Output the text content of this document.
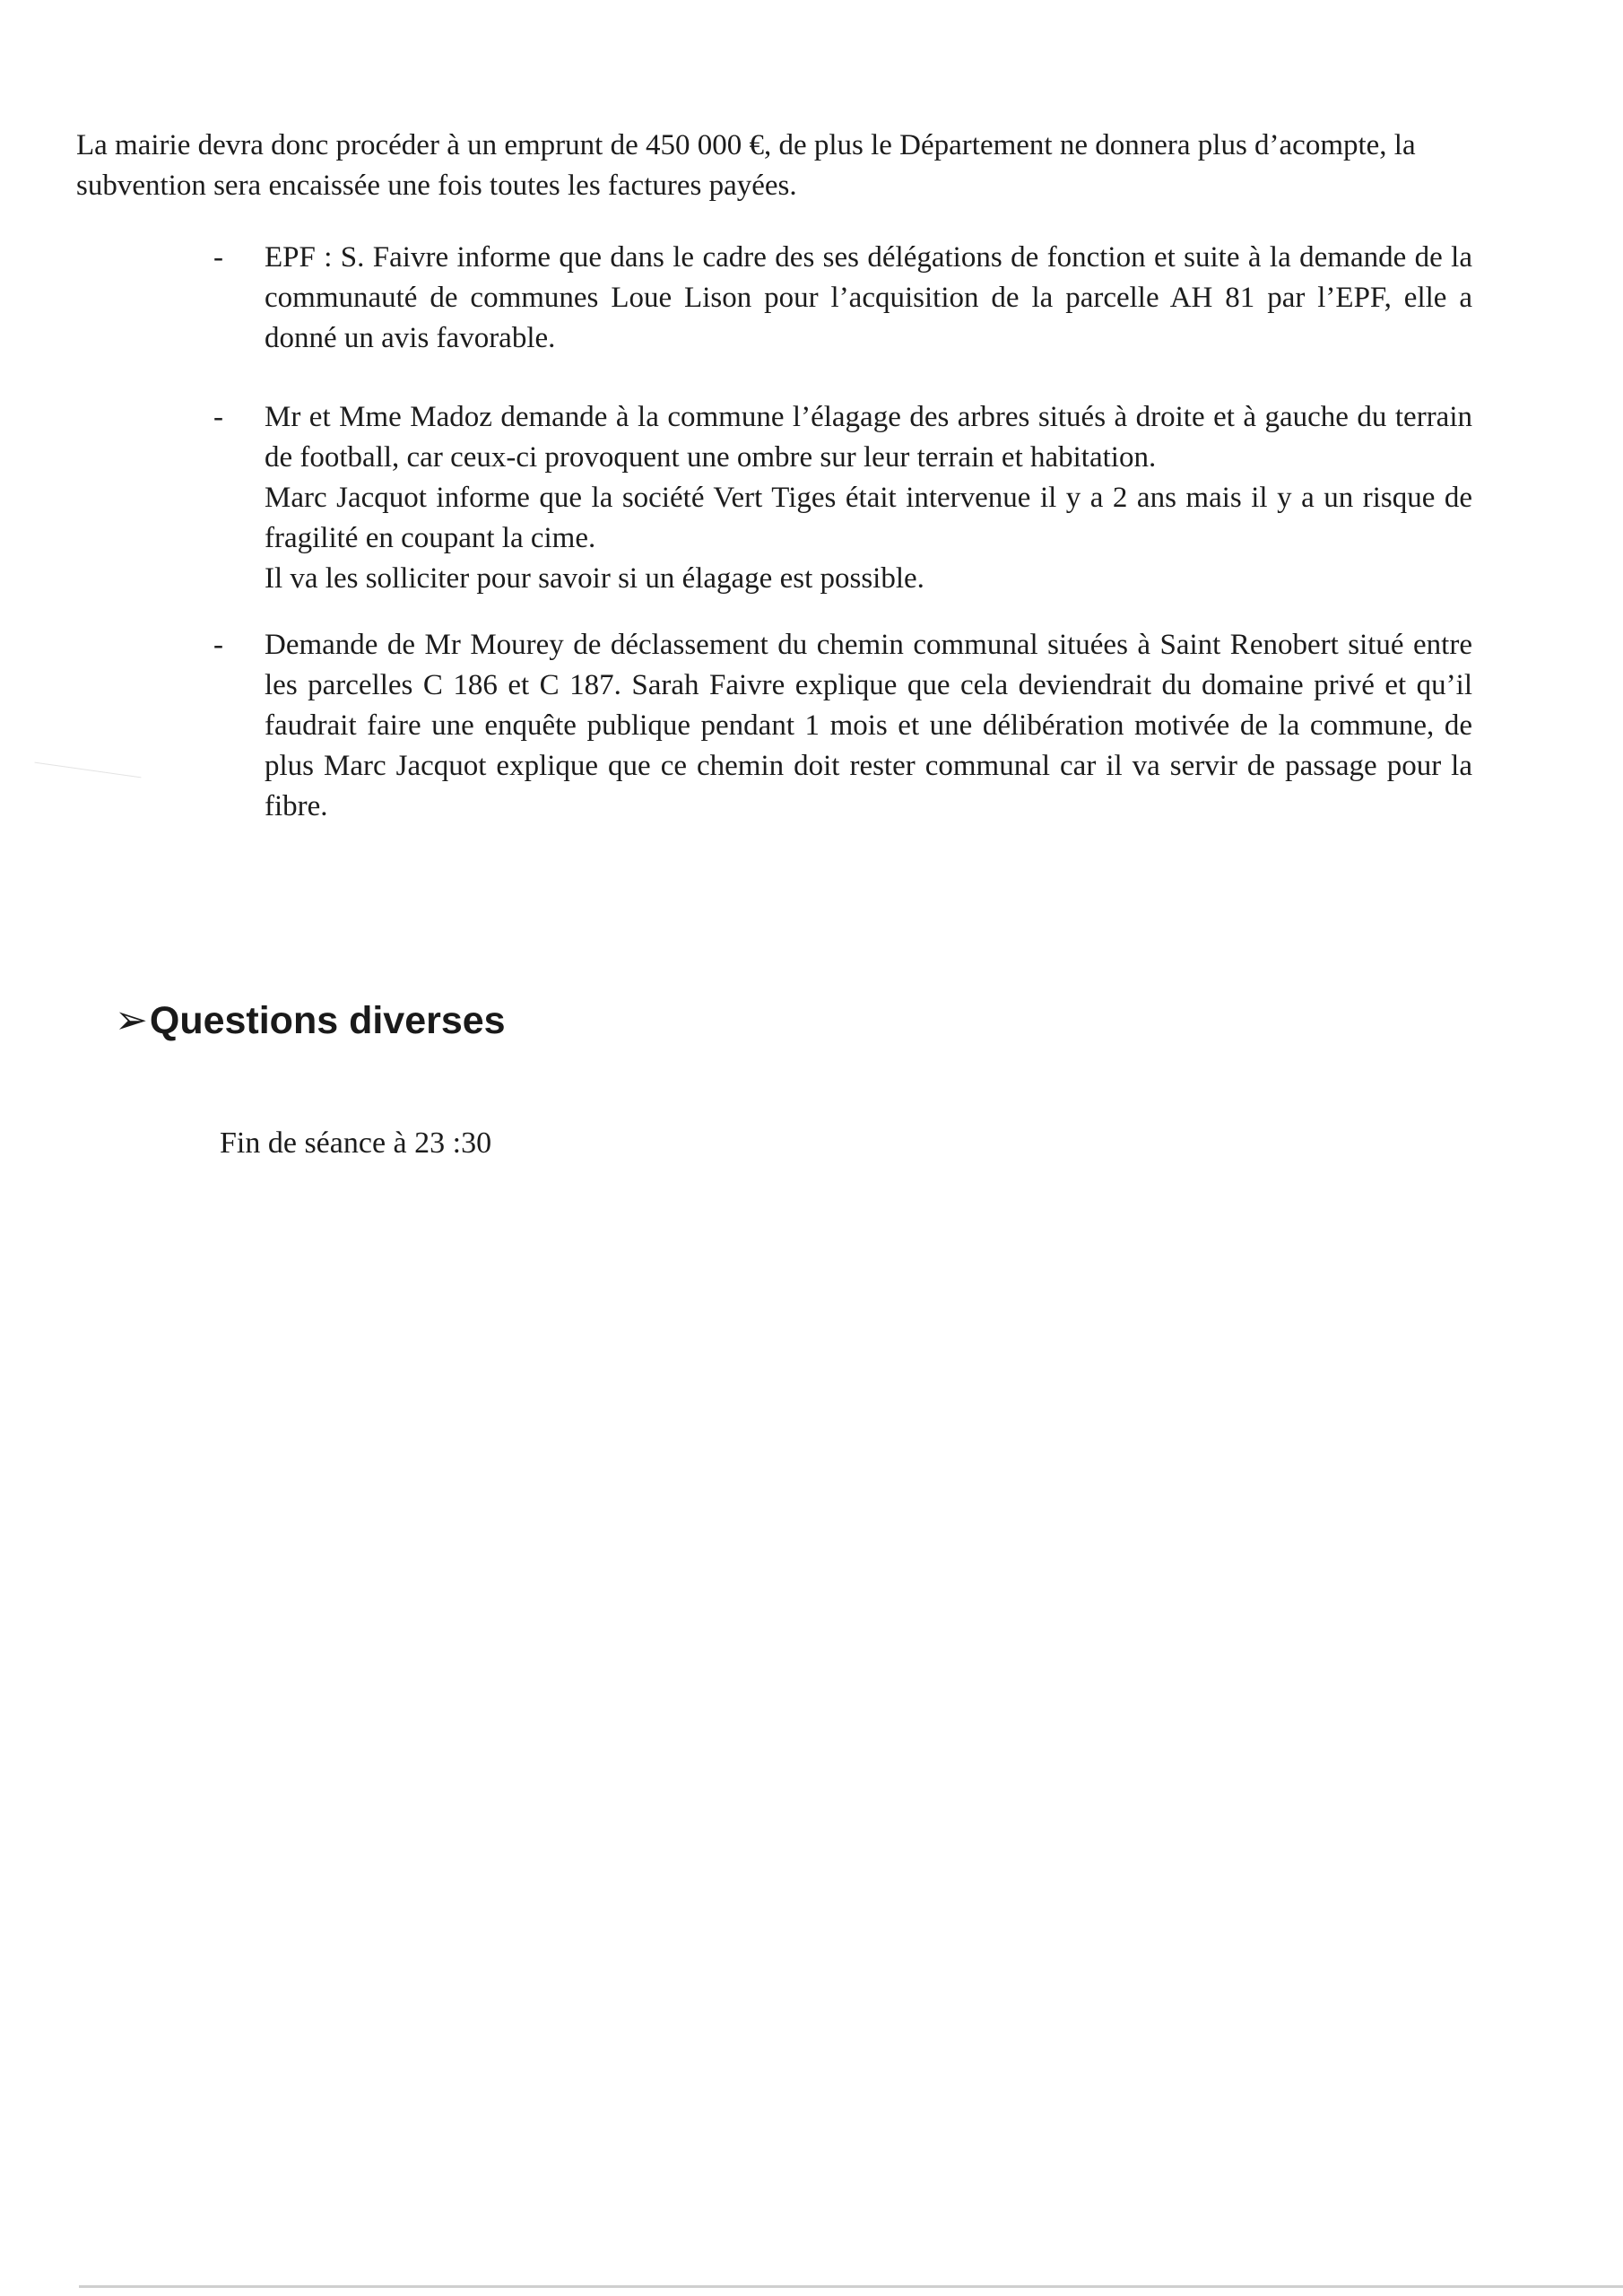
La mairie devra donc procéder à un emprunt de 450 000 €, de plus le Département ne donnera plus d’acompte, la subvention sera encaissée une fois toutes les factures payées.

-	EPF : S. Faivre informe que dans le cadre des ses délégations de fonction et suite à la demande de la communauté de communes Loue Lison pour l’acquisition de la parcelle AH 81 par l’EPF, elle a donné un avis favorable.

-	Mr et Mme Madoz demande à la commune l’élagage des arbres situés à droite et à gauche du terrain de football, car ceux-ci provoquent une ombre sur leur terrain et habitation.

Marc Jacquot informe que la société Vert Tiges était intervenue il y a 2 ans mais il y a un risque de fragilité en coupant la cime.

Il va les solliciter pour savoir si un élagage est possible.

-	Demande de Mr Mourey de déclassement du chemin communal situées à Saint Renobert situé entre les parcelles C 186 et C 187. Sarah Faivre explique que cela deviendrait du domaine privé et qu’il faudrait faire une enquête publique pendant 1 mois et une délibération motivée de la commune, de plus Marc Jacquot explique que ce chemin doit rester communal car il va servir de passage pour la fibre.

➢ Questions diverses

Fin de séance à 23 :30
